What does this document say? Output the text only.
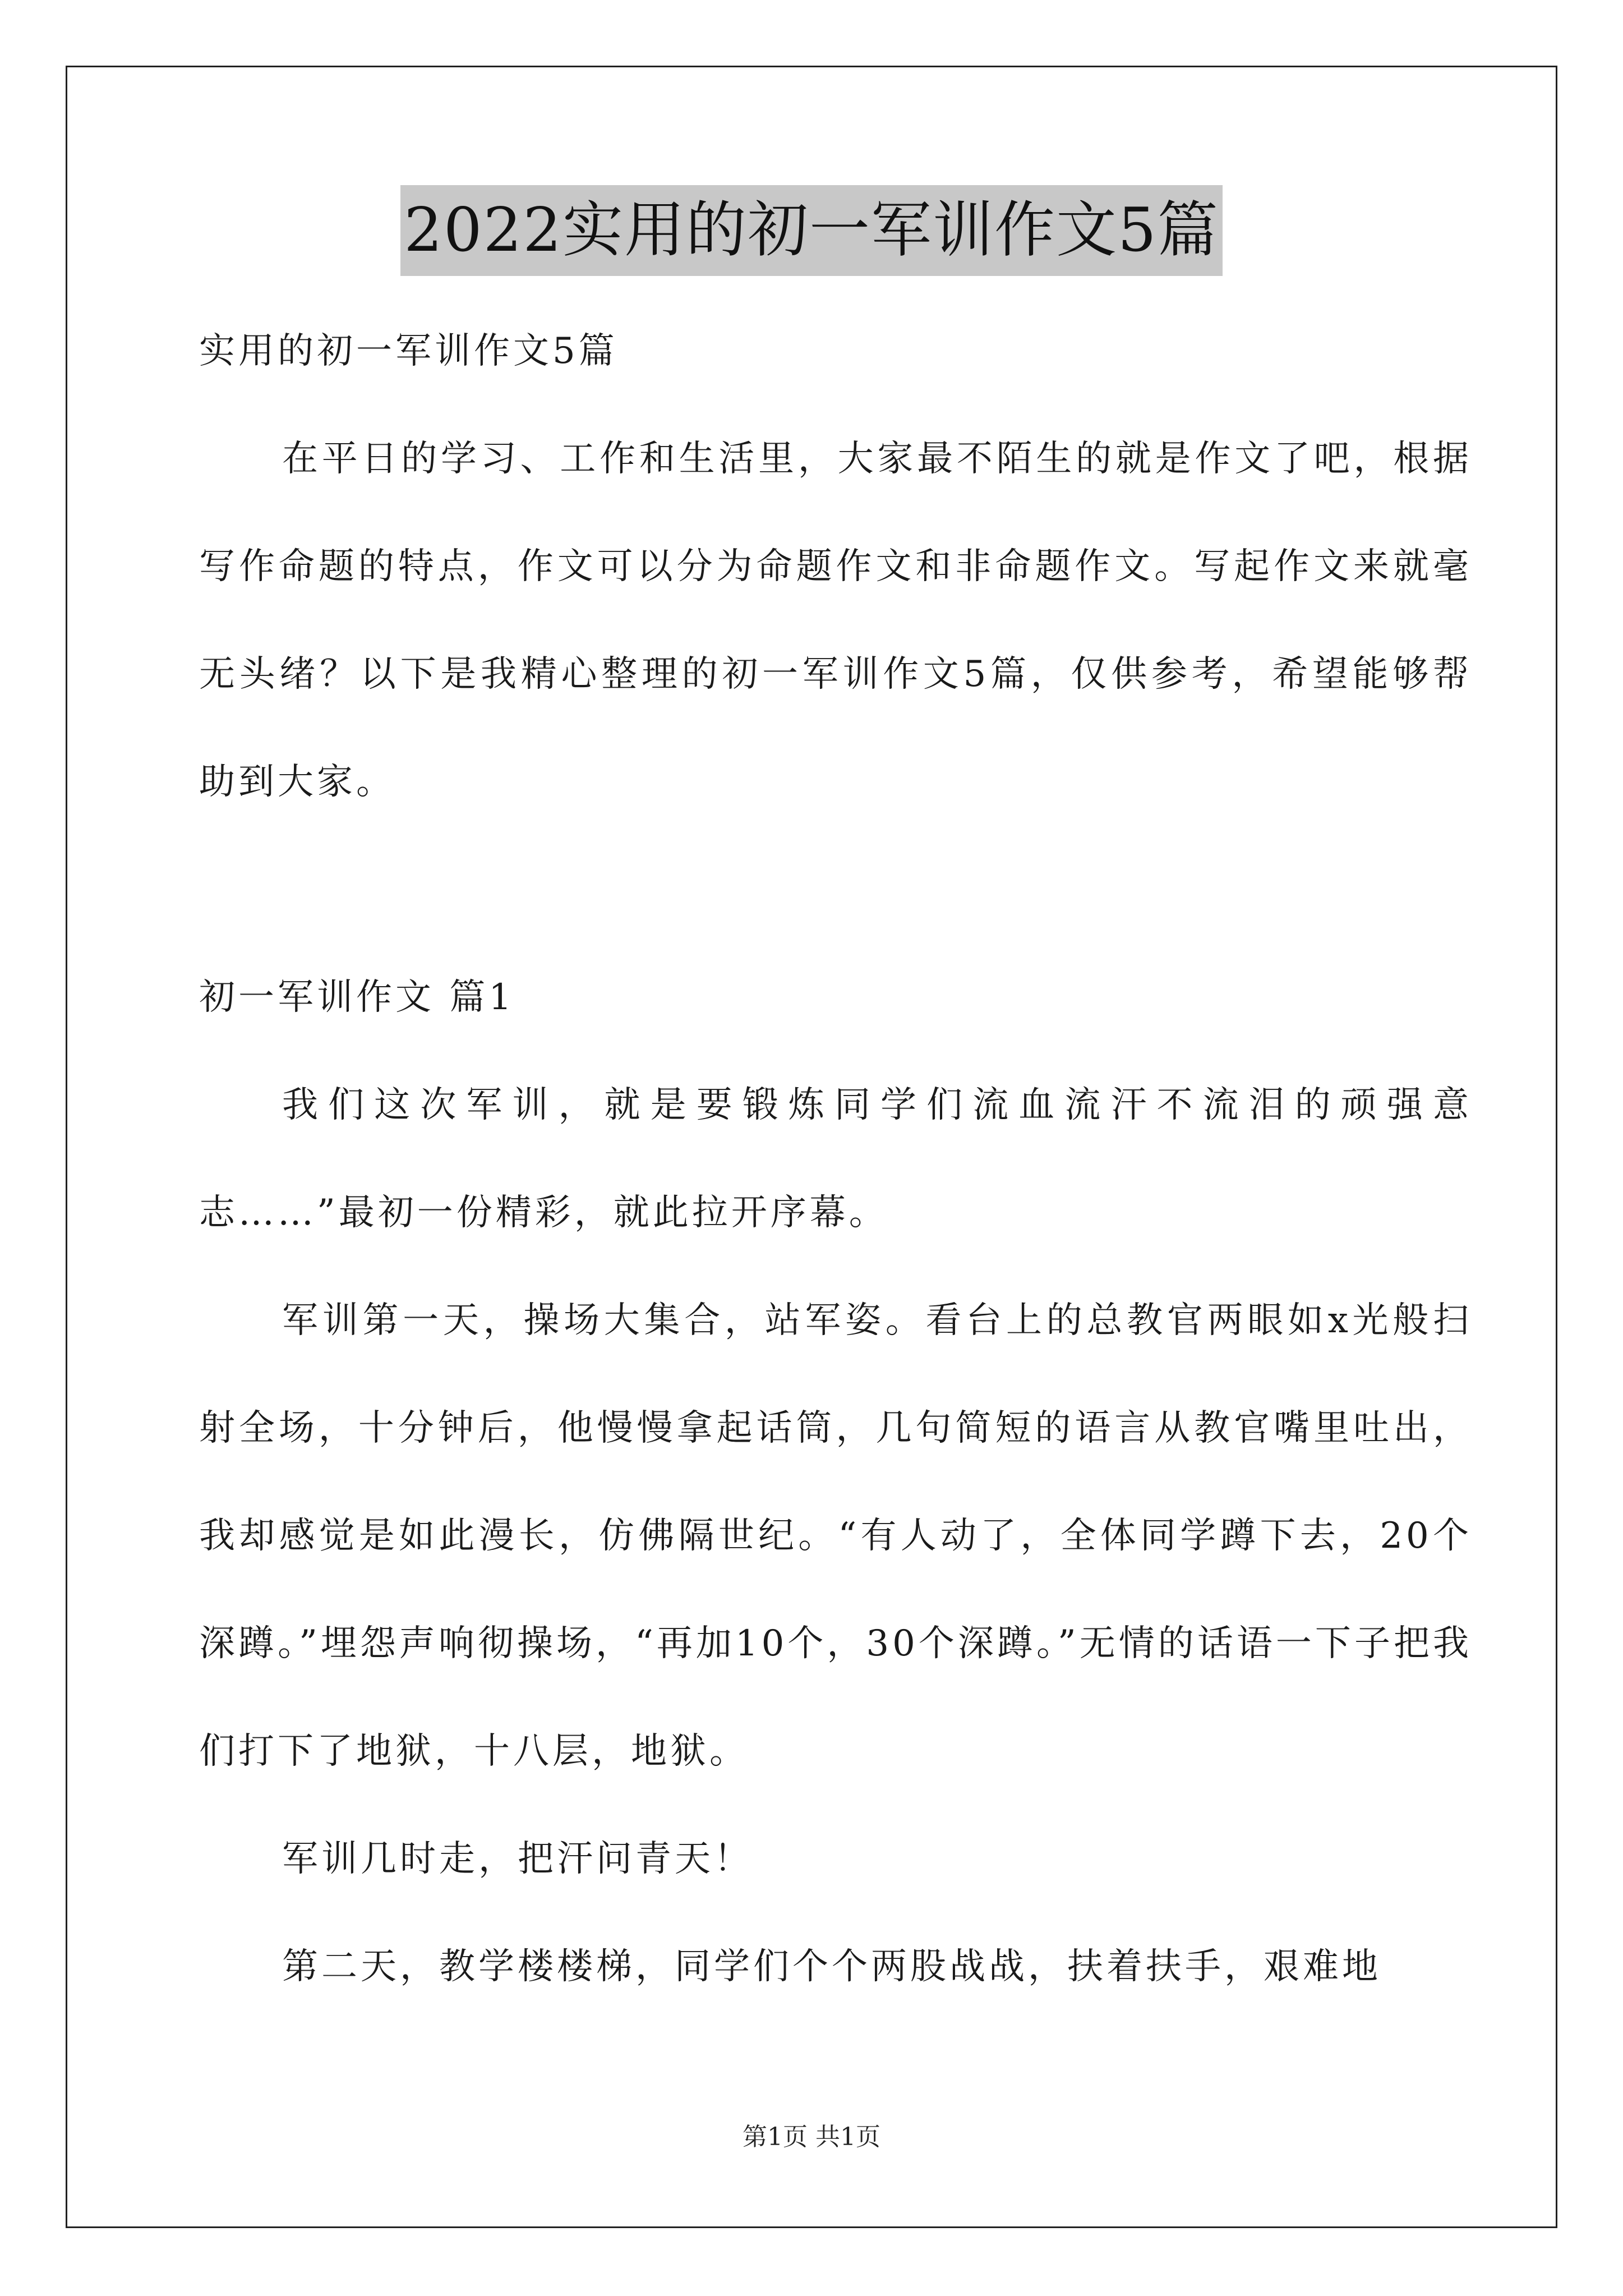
2022实用的初一军训作文5篇

实用的初一军训作文5篇

在平日的学习、工作和生活里，大家最不陌生的就是作文了吧，根据写作命题的特点，作文可以分为命题作文和非命题作文。写起作文来就毫无头绪？以下是我精心整理的初一军训作文5篇，仅供参考，希望能够帮助到大家。

初一军训作文 篇1

我们这次军训，就是要锻炼同学们流血流汗不流泪的顽强意志……”最初一份精彩，就此拉开序幕。

军训第一天，操场大集合，站军姿。看台上的总教官两眼如x光般扫射全场，十分钟后，他慢慢拿起话筒，几句简短的语言从教官嘴里吐出，我却感觉是如此漫长，仿佛隔世纪。“有人动了，全体同学蹲下去，20个深蹲。”埋怨声响彻操场，“再加10个，30个深蹲。”无情的话语一下子把我们打下了地狱，十八层，地狱。

军训几时走，把汗问青天！

第二天，教学楼楼梯，同学们个个两股战战，扶着扶手，艰难地

第1页 共1页
